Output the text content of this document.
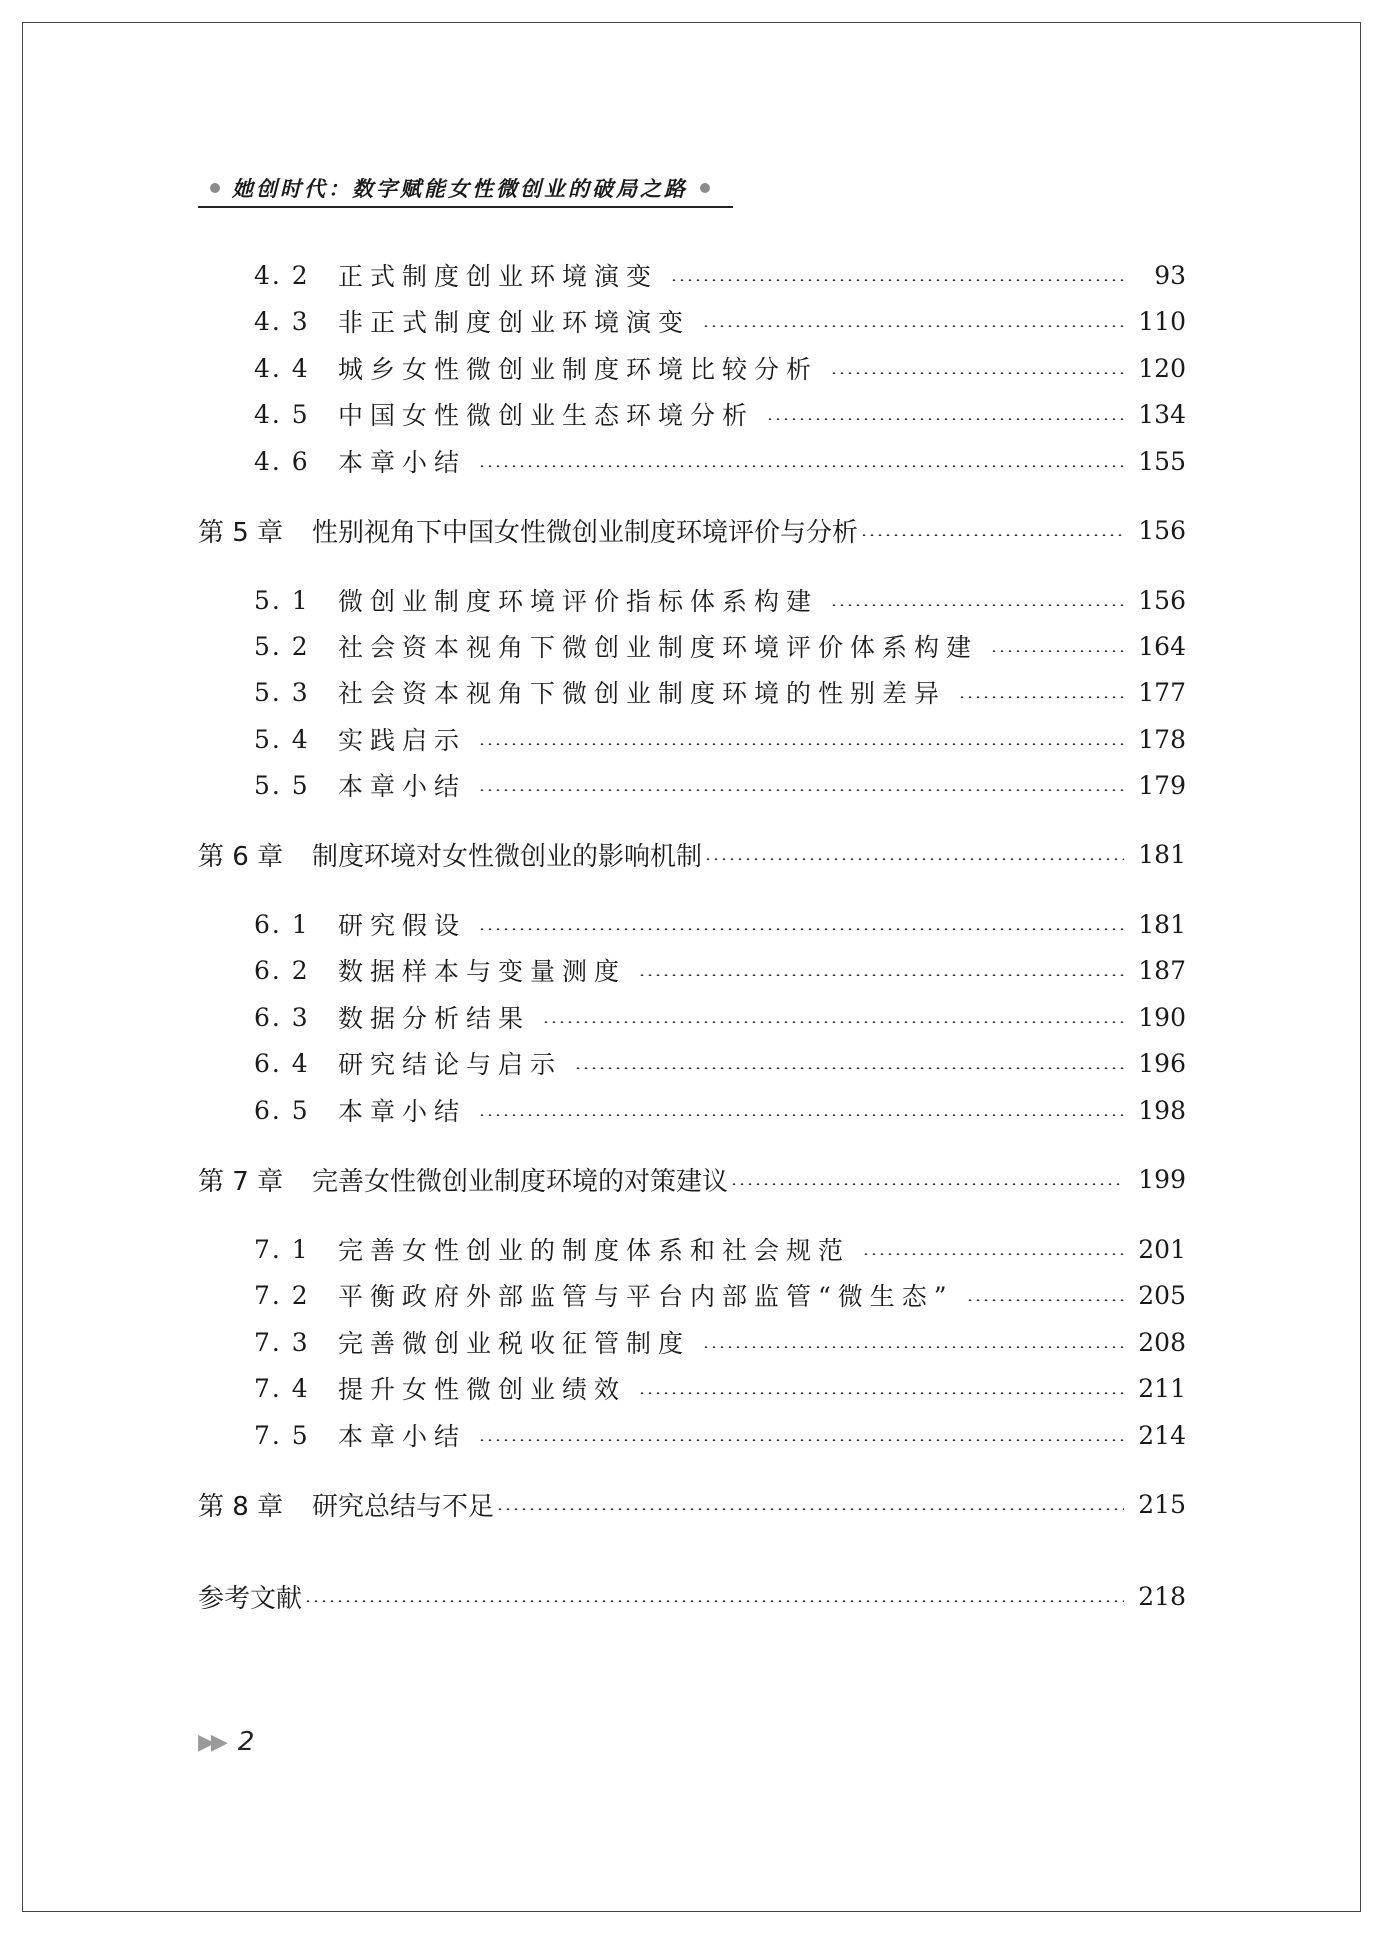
她创时代：数字赋能女性微创业的破局之路
4. 2 正式制度创业环境演变	93
4. 3 非正式制度创业环境演变	110
4. 4 城乡女性微创业制度环境比较分析	120
4. 5 中国女性微创业生态环境分析	134
4. 6 本章小结	155
第 5 章	性别视角下中国女性微创业制度环境评价与分析	156
5. 1 微创业制度环境评价指标体系构建	156
5. 2 社会资本视角下微创业制度环境评价体系构建	164
5. 3 社会资本视角下微创业制度环境的性别差异	177
5. 4 实践启示	178
5. 5 本章小结	179
第 6 章	制度环境对女性微创业的影响机制	181
6. 1 研究假设	181
6. 2 数据样本与变量测度	187
6. 3 数据分析结果	190
6. 4 研究结论与启示	196
6. 5 本章小结	198
第 7 章	完善女性微创业制度环境的对策建议	199
7. 1 完善女性创业的制度体系和社会规范	201
7. 2 平衡政府外部监管与平台内部监管“微生态”	205
7. 3 完善微创业税收征管制度	208
7. 4 提升女性微创业绩效	211
7. 5 本章小结	214
第 8 章	研究总结与不足	215
参考文献	218
▶▶ 2
